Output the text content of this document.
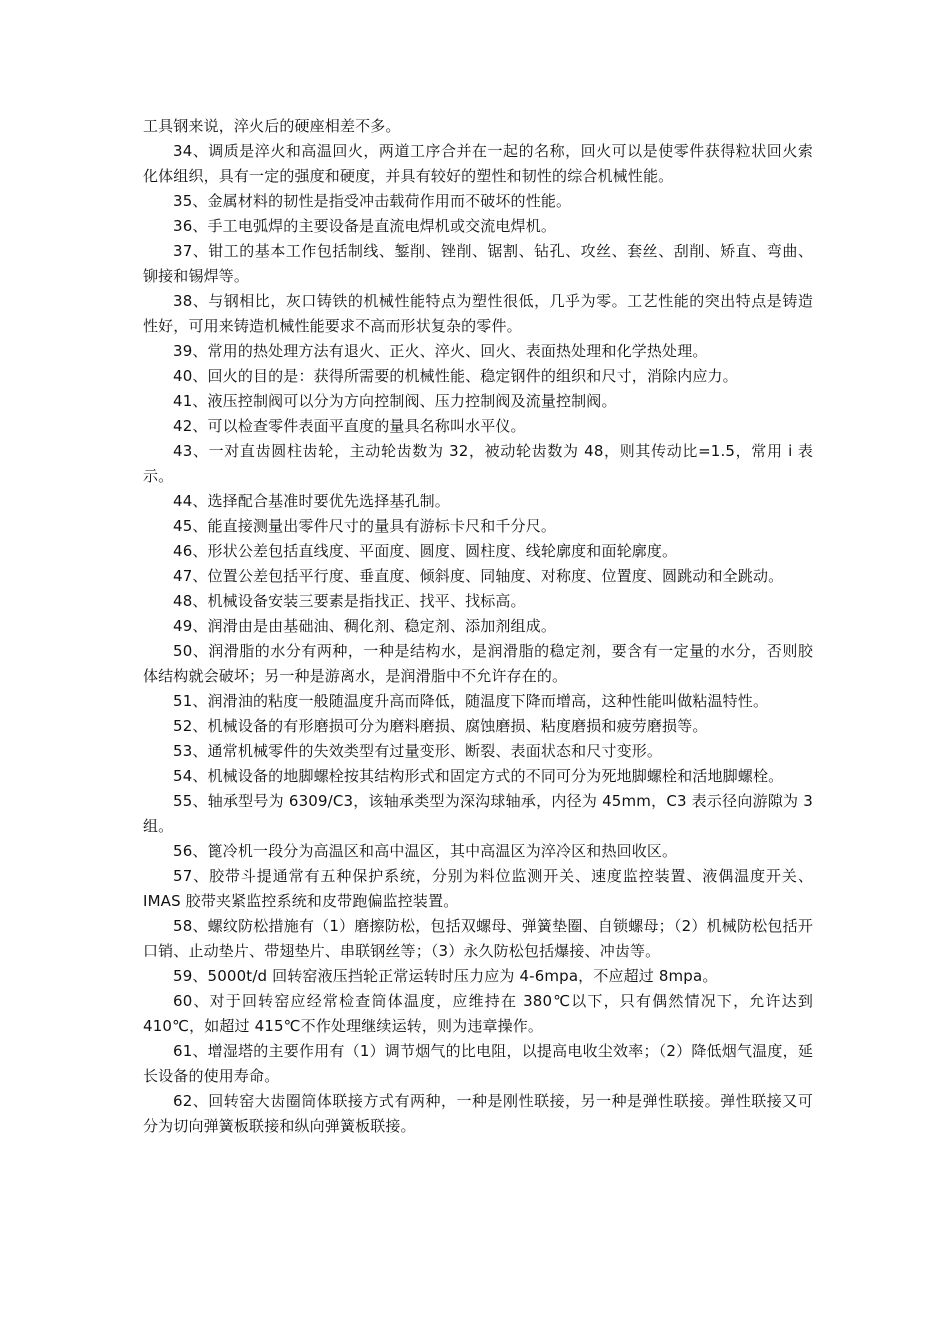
工具钢来说，淬火后的硬座相差不多。

34、调质是淬火和高温回火，两道工序合并在一起的名称，回火可以是使零件获得粒状回火索化体组织，具有一定的强度和硬度，并具有较好的塑性和韧性的综合机械性能。

35、金属材料的韧性是指受冲击载荷作用而不破坏的性能。

36、手工电弧焊的主要设备是直流电焊机或交流电焊机。

37、钳工的基本工作包括制线、錾削、锉削、锯割、钻孔、攻丝、套丝、刮削、矫直、弯曲、铆接和锡焊等。

38、与钢相比，灰口铸铁的机械性能特点为塑性很低，几乎为零。工艺性能的突出特点是铸造性好，可用来铸造机械性能要求不高而形状复杂的零件。

39、常用的热处理方法有退火、正火、淬火、回火、表面热处理和化学热处理。

40、回火的目的是：获得所需要的机械性能、稳定钢件的组织和尺寸，消除内应力。

41、液压控制阀可以分为方向控制阀、压力控制阀及流量控制阀。

42、可以检查零件表面平直度的量具名称叫水平仪。

43、一对直齿圆柱齿轮，主动轮齿数为 32，被动轮齿数为 48，则其传动比=1.5，常用 i 表示。

44、选择配合基准时要优先选择基孔制。

45、能直接测量出零件尺寸的量具有游标卡尺和千分尺。

46、形状公差包括直线度、平面度、圆度、圆柱度、线轮廓度和面轮廓度。

47、位置公差包括平行度、垂直度、倾斜度、同轴度、对称度、位置度、圆跳动和全跳动。

48、机械设备安装三要素是指找正、找平、找标高。

49、润滑由是由基础油、稠化剂、稳定剂、添加剂组成。

50、润滑脂的水分有两种，一种是结构水，是润滑脂的稳定剂，要含有一定量的水分，否则胶体结构就会破坏；另一种是游离水，是润滑脂中不允许存在的。

51、润滑油的粘度一般随温度升高而降低，随温度下降而增高，这种性能叫做粘温特性。

52、机械设备的有形磨损可分为磨料磨损、腐蚀磨损、粘度磨损和疲劳磨损等。

53、通常机械零件的失效类型有过量变形、断裂、表面状态和尺寸变形。

54、机械设备的地脚螺栓按其结构形式和固定方式的不同可分为死地脚螺栓和活地脚螺栓。

55、轴承型号为 6309/C3，该轴承类型为深沟球轴承，内径为 45mm，C3 表示径向游隙为 3 组。

56、篦冷机一段分为高温区和高中温区，其中高温区为淬冷区和热回收区。

57、胶带斗提通常有五种保护系统，分别为料位监测开关、速度监控装置、液偶温度开关、IMAS 胶带夹紧监控系统和皮带跑偏监控装置。

58、螺纹防松措施有（1）磨擦防松，包括双螺母、弹簧垫圈、自锁螺母；（2）机械防松包括开口销、止动垫片、带翅垫片、串联钢丝等；（3）永久防松包括爆接、冲齿等。

59、5000t/d 回转窑液压挡轮正常运转时压力应为 4-6mpa，不应超过 8mpa。

60、对于回转窑应经常检查筒体温度，应维持在 380℃以下，只有偶然情况下，允许达到 410℃，如超过 415℃不作处理继续运转，则为违章操作。

61、增湿塔的主要作用有（1）调节烟气的比电阻，以提高电收尘效率；（2）降低烟气温度，延长设备的使用寿命。

62、回转窑大齿圈筒体联接方式有两种，一种是刚性联接，另一种是弹性联接。弹性联接又可分为切向弹簧板联接和纵向弹簧板联接。
